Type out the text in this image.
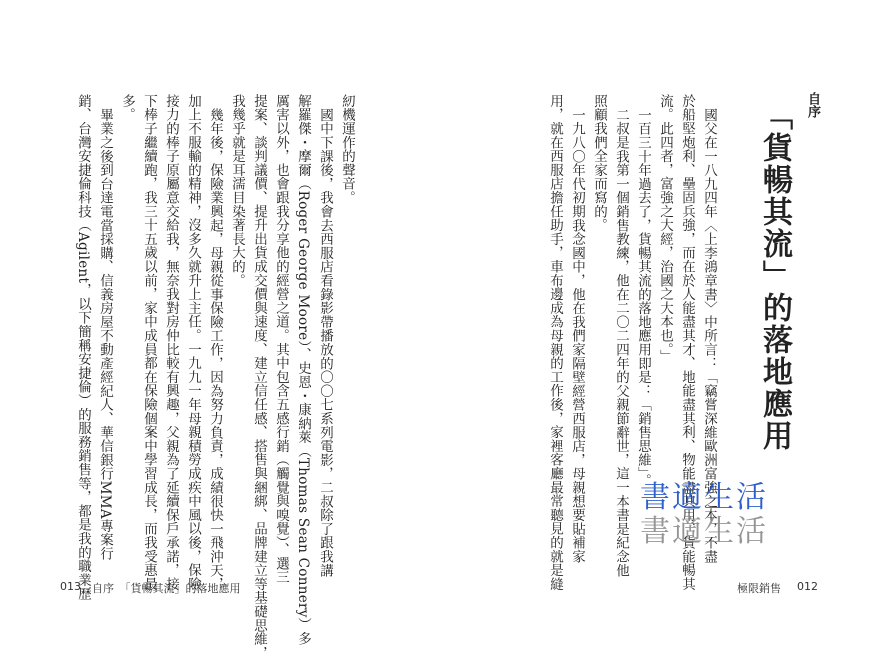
自序
「貨暢其流」的落地應用
國父在一八九四年〈上李鴻章書〉中所言：「竊嘗深維歐洲富強之本，不盡
於船堅炮利、壘固兵強，而在於人能盡其才、地能盡其利、物能盡其用、貨能暢其
流。此四者，富強之大經，治國之大本也。」
一百三十年過去了，貨暢其流的落地應用即是：「銷售思維」。
二叔是我第一個銷售教練，他在二〇二四年的父親節辭世，這一本書是紀念他
照顧我們全家而寫的。
一九八〇年代初期我念國中，他在我們家隔壁經營西服店，母親想要貼補家
用，就在西服店擔任助手，車布邊成為母親的工作後，家裡客廳最常聽見的就是縫	極限銷售 012
紉機運作的聲音。
國中下課後，我會去西服店看錄影帶播放的〇〇七系列電影，二叔除了跟我講
解羅傑・摩爾（Roger George Moore）、史恩・康納萊（Thomas Sean Connery）多
厲害以外，也會跟我分享他的經營之道。其中包含五感行銷（觸覺與嗅覺）、選三
提案、談判議價、提升出貨成交價與速度、建立信任感、搭售與綑綁、品牌建立等基礎思維，
我幾乎就是耳濡目染著長大的。
幾年後，保險業興起，母親從事保險工作，因為努力負責，成績很快一飛沖天，
加上不服輸的精神，沒多久就升上主任。一九九一年母親積勞成疾中風以後，保險
接力的棒子原屬意交給我，無奈我對房仲比較有興趣，父親為了延續保戶承諾，接
下棒子繼續跑，我三十五歲以前，家中成員都在保險個案中學習成長，而我受惠最
多。
畢業之後到台達電當採購、信義房屋不動產經紀人、華信銀行MMA專案行
銷、台灣安捷倫科技（Agilent，以下簡稱安捷倫）的服務銷售等，都是我的職業歷
013 自序　「貨暢其流」的落地應用
書適生活
書適生活
